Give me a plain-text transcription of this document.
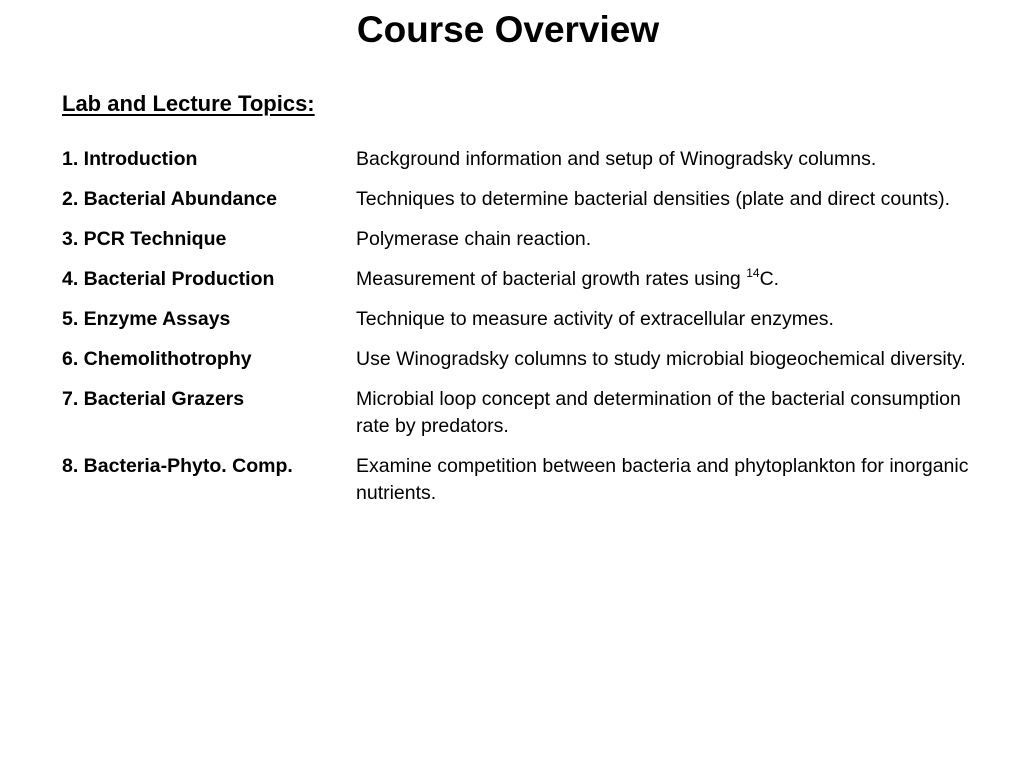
Course Overview
Lab and Lecture Topics:
1. Introduction	Background information and setup of Winogradsky columns.
2. Bacterial Abundance	Techniques to determine bacterial densities (plate and direct counts).
3. PCR Technique	Polymerase chain reaction.
4. Bacterial Production	Measurement of bacterial growth rates using $^{14}$C.
5. Enzyme Assays	Technique to measure activity of extracellular enzymes.
6. Chemolithotrophy	Use Winogradsky columns to study microbial biogeochemical diversity.
7. Bacterial Grazers	Microbial loop concept and determination of the bacterial consumption rate by predators.
8. Bacteria-Phyto. Comp.	Examine competition between bacteria and phytoplankton for inorganic nutrients.
